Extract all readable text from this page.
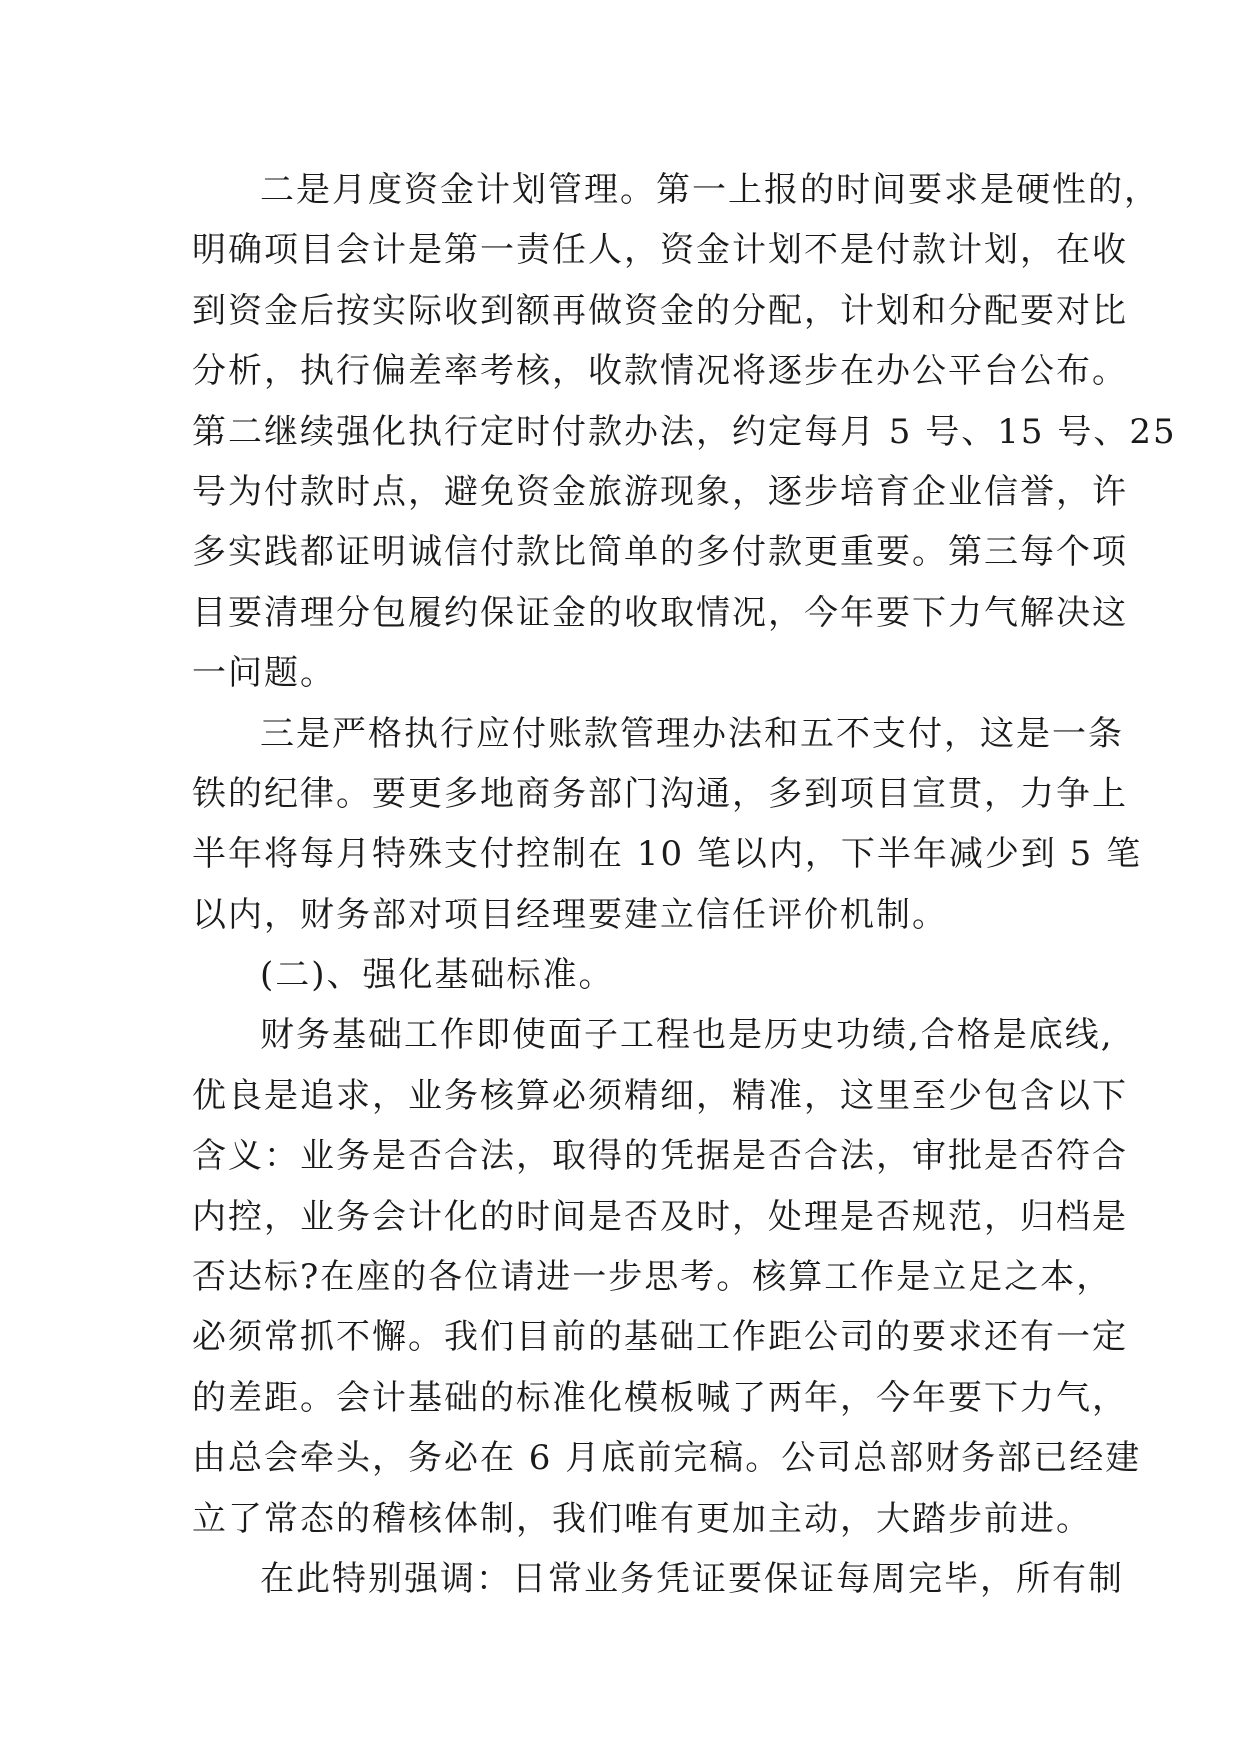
二是月度资金计划管理。第一上报的时间要求是硬性的，
明确项目会计是第一责任人，资金计划不是付款计划，在收
到资金后按实际收到额再做资金的分配，计划和分配要对比
分析，执行偏差率考核，收款情况将逐步在办公平台公布。
第二继续强化执行定时付款办法，约定每月 5 号、15 号、25
号为付款时点，避免资金旅游现象，逐步培育企业信誉，许
多实践都证明诚信付款比简单的多付款更重要。第三每个项
目要清理分包履约保证金的收取情况，今年要下力气解决这
一问题。
三是严格执行应付账款管理办法和五不支付，这是一条
铁的纪律。要更多地商务部门沟通，多到项目宣贯，力争上
半年将每月特殊支付控制在 10 笔以内，下半年减少到 5 笔
以内，财务部对项目经理要建立信任评价机制。
(二)、强化基础标准。
财务基础工作即使面子工程也是历史功绩,合格是底线,
优良是追求，业务核算必须精细，精准，这里至少包含以下
含义：业务是否合法，取得的凭据是否合法，审批是否符合
内控，业务会计化的时间是否及时，处理是否规范，归档是
否达标?在座的各位请进一步思考。核算工作是立足之本，
必须常抓不懈。我们目前的基础工作距公司的要求还有一定
的差距。会计基础的标准化模板喊了两年，今年要下力气，
由总会牵头，务必在 6 月底前完稿。公司总部财务部已经建
立了常态的稽核体制，我们唯有更加主动，大踏步前进。
在此特别强调：日常业务凭证要保证每周完毕，所有制
